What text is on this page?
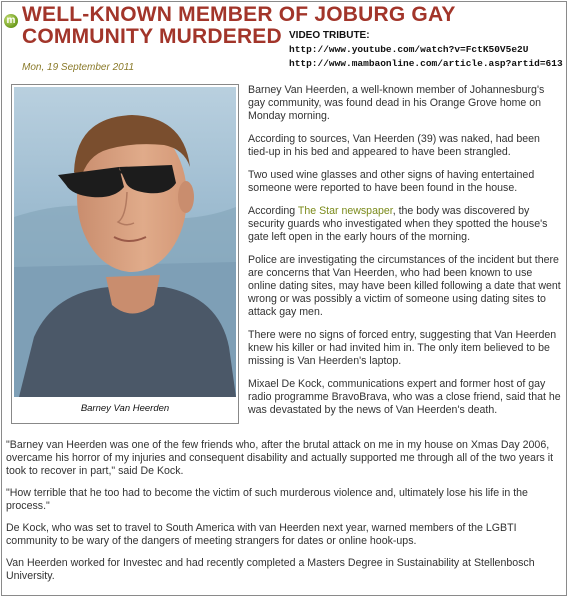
m WELL-KNOWN MEMBER OF JOBURG GAY COMMUNITY MURDERED
Mon, 19 September 2011
VIDEO TRIBUTE:
http://www.youtube.com/watch?v=FctK50V5e2U
http://www.mambaonline.com/article.asp?artid=613
Barney Van Heerden

Barney Van Heerden, a well-known member of Johannesburg's gay community, was found dead in his Orange Grove home on Monday morning.

According to sources, Van Heerden (39) was naked, had been tied-up in his bed and appeared to have been strangled.

Two used wine glasses and other signs of having entertained someone were reported to have been found in the house.

According The Star newspaper, the body was discovered by security guards who investigated when they spotted the house's gate left open in the early hours of the morning.

Police are investigating the circumstances of the incident but there are concerns that Van Heerden, who had been known to use online dating sites, may have been killed following a date that went wrong or was possibly a victim of someone using dating sites to attack gay men.

There were no signs of forced entry, suggesting that Van Heerden knew his killer or had invited him in. The only item believed to be missing is Van Heerden's laptop.

Mixael De Kock, communications expert and former host of gay radio programme BravoBrava, who was a close friend, said that he was devastated by the news of Van Heerden's death.

"Barney van Heerden was one of the few friends who, after the brutal attack on me in my house on Xmas Day 2006, overcame his horror of my injuries and consequent disability and actually supported me through all of the two years it took to recover in part," said De Kock.

"How terrible that he too had to become the victim of such murderous violence and, ultimately lose his life in the process."

De Kock, who was set to travel to South America with van Heerden next year, warned members of the LGBTI community to be wary of the dangers of meeting strangers for dates or online hook-ups.

Van Heerden worked for Investec and had recently completed a Masters Degree in Sustainability at Stellenbosch University.
